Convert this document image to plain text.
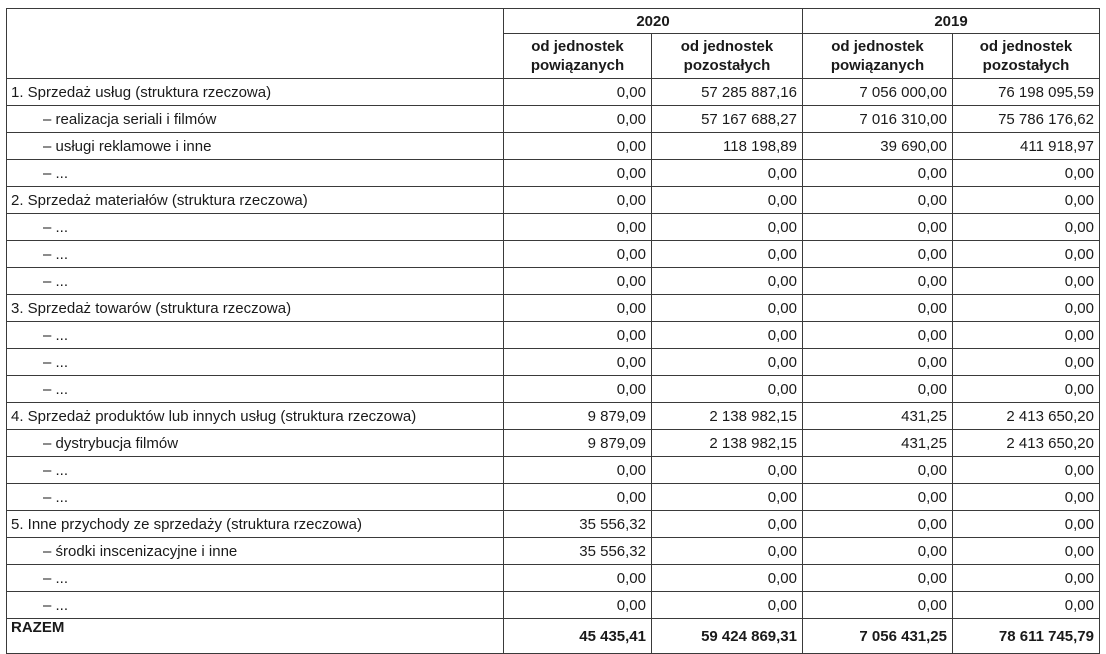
	2020		2019	
	od jednostek powiązanych	od jednostek pozostałych	od jednostek powiązanych	od jednostek pozostałych
1. Sprzedaż usług (struktura rzeczowa)	0,00	57 285 887,16	7 056 000,00	76 198 095,59
– realizacja seriali i filmów	0,00	57 167 688,27	7 016 310,00	75 786 176,62
– usługi reklamowe i inne	0,00	118 198,89	39 690,00	411 918,97
– ...	0,00	0,00	0,00	0,00
2. Sprzedaż materiałów (struktura rzeczowa)	0,00	0,00	0,00	0,00
– ...	0,00	0,00	0,00	0,00
– ...	0,00	0,00	0,00	0,00
– ...	0,00	0,00	0,00	0,00
3. Sprzedaż towarów (struktura rzeczowa)	0,00	0,00	0,00	0,00
– ...	0,00	0,00	0,00	0,00
– ...	0,00	0,00	0,00	0,00
– ...	0,00	0,00	0,00	0,00
4. Sprzedaż produktów lub innych usług (struktura rzeczowa)	9 879,09	2 138 982,15	431,25	2 413 650,20
– dystrybucja filmów	9 879,09	2 138 982,15	431,25	2 413 650,20
– ...	0,00	0,00	0,00	0,00
– ...	0,00	0,00	0,00	0,00
5. Inne przychody ze sprzedaży (struktura rzeczowa)	35 556,32	0,00	0,00	0,00
– środki inscenizacyjne i inne	35 556,32	0,00	0,00	0,00
– ...	0,00	0,00	0,00	0,00
– ...	0,00	0,00	0,00	0,00
RAZEM	45 435,41	59 424 869,31	7 056 431,25	78 611 745,79
